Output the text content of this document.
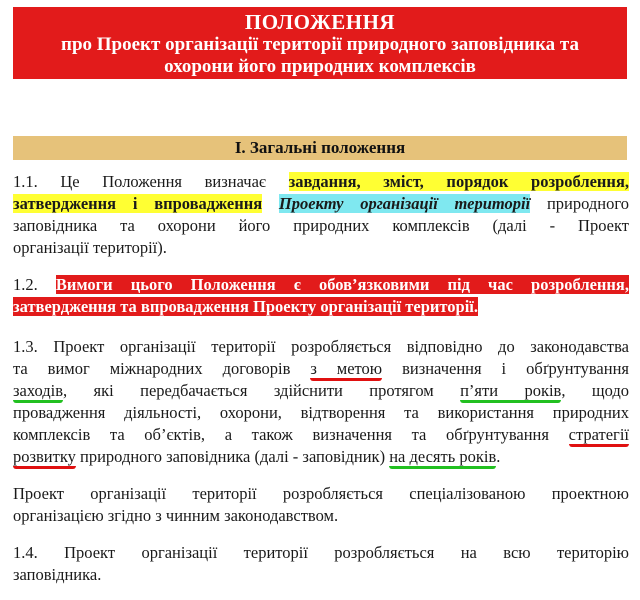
ПОЛОЖЕННЯ
про Проект організації території природного заповідника та
охорони його природних комплексів
I. Загальні положення
1.1. Це Положення визначає завдання, зміст, порядок розроблення,
затвердження і впровадження Проекту організації території природного
заповідника та охорони його природних комплексів (далі - Проект
організації території).
1.2. Вимоги цього Положення є обов’язковими під час розроблення,
затвердження та впровадження Проекту організації території.
1.3. Проект організації території розробляється відповідно до законодавства
та вимог міжнародних договорів з метою визначення і обґрунтування
заходів, які передбачається здійснити протягом п’яти років, щодо
провадження діяльності, охорони, відтворення та використання природних
комплексів та об’єктів, а також визначення та обґрунтування стратегії
розвитку природного заповідника (далі - заповідник) на десять років.
Проект організації території розробляється спеціалізованою проектною
організацією згідно з чинним законодавством.
1.4. Проект організації території розробляється на всю територію
заповідника.
